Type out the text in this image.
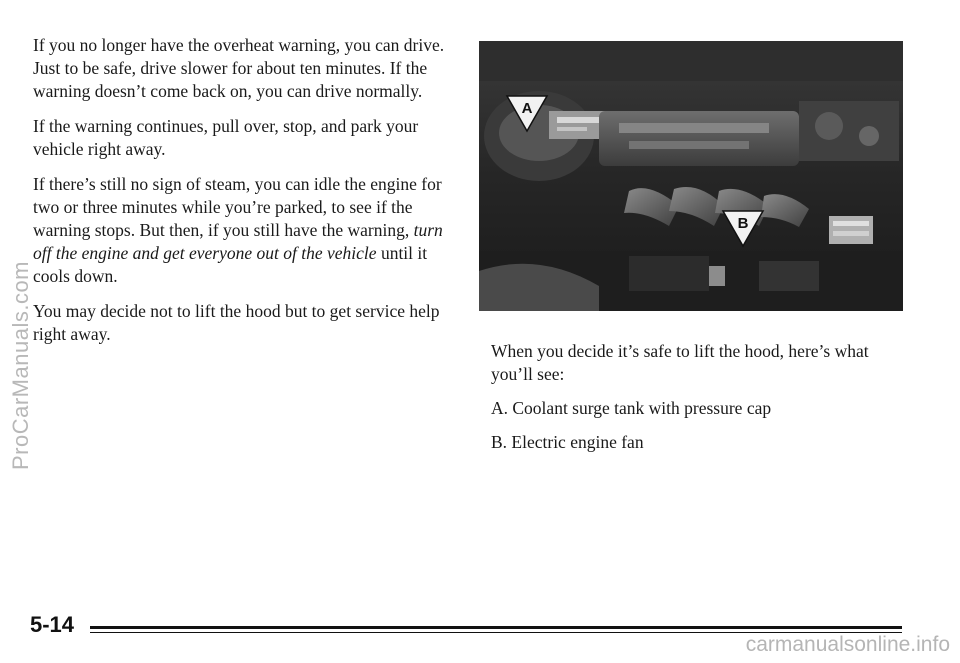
If you no longer have the overheat warning, you can drive. Just to be safe, drive slower for about ten minutes. If the warning doesn’t come back on, you can drive normally.

If the warning continues, pull over, stop, and park your vehicle right away.

If there’s still no sign of steam, you can idle the engine for two or three minutes while you’re parked, to see if the warning stops. But then, if you still have the warning, turn off the engine and get everyone out of the vehicle until it cools down.

You may decide not to lift the hood but to get service help right away.

A
B

When you decide it’s safe to lift the hood, here’s what you’ll see:

A. Coolant surge tank with pressure cap
B. Electric engine fan
ProCarManuals.com
5-14
carmanualsonline.info
